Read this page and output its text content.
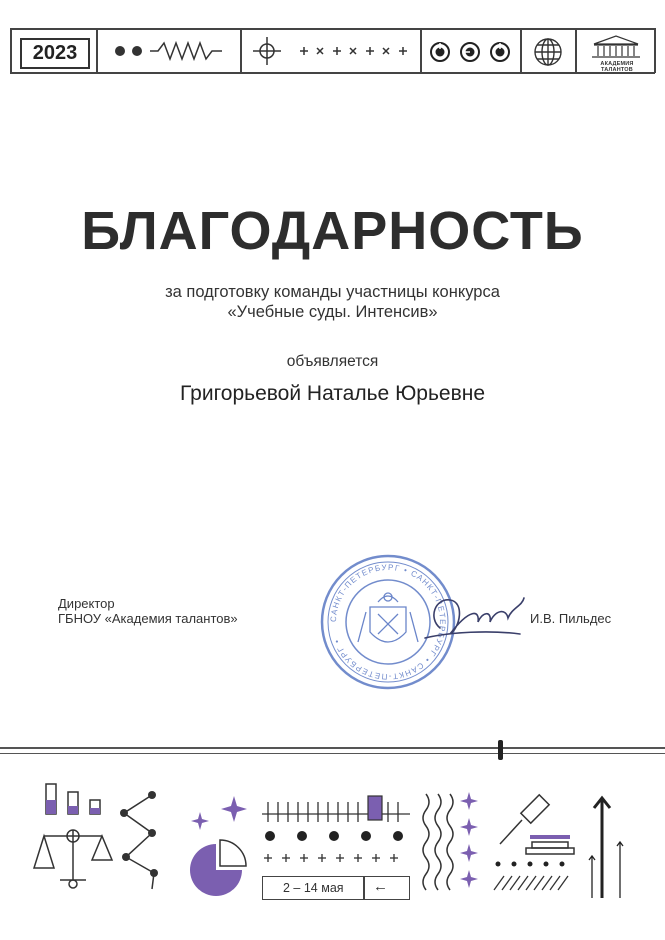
2023	АКАДЕМИЯ ТАЛАНТОВ
БЛАГОДАРНОСТЬ
за подготовку команды участницы конкурса
«Учебные суды. Интенсив»
объявляется
Григорьевой Наталье Юрьевне
Директор
ГБНОУ «Академия талантов»	САНКТ-ПЕТЕРБУРГ • САНКТ-ПЕТЕРБУРГ • САНКТ-ПЕТЕРБУРГ •
И.В. Пильдес
2 – 14 мая ←
